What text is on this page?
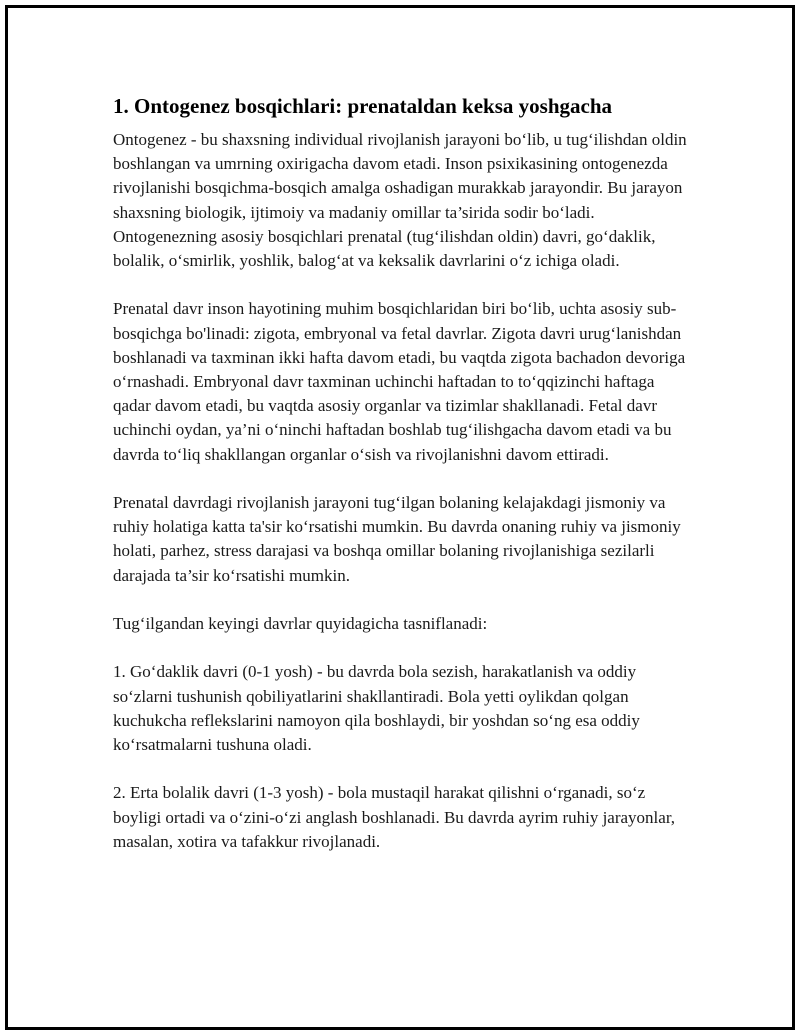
1. Ontogenez bosqichlari: prenataldan keksa yoshgacha

Ontogenez - bu shaxsning individual rivojlanish jarayoni bo‘lib, u tug‘ilishdan oldin boshlangan va umrning oxirigacha davom etadi. Inson psixikasining ontogenezda rivojlanishi bosqichma-bosqich amalga oshadigan murakkab jarayondir. Bu jarayon shaxsning biologik, ijtimoiy va madaniy omillar ta’sirida sodir bo‘ladi. Ontogenezning asosiy bosqichlari prenatal (tug‘ilishdan oldin) davri, go‘daklik, bolalik, o‘smirlik, yoshlik, balog‘at va keksalik davrlarini o‘z ichiga oladi.

Prenatal davr inson hayotining muhim bosqichlaridan biri bo‘lib, uchta asosiy sub-bosqichga bo'linadi: zigota, embryonal va fetal davrlar. Zigota davri urug‘lanishdan boshlanadi va taxminan ikki hafta davom etadi, bu vaqtda zigota bachadon devoriga o‘rnashadi. Embryonal davr taxminan uchinchi haftadan to to‘qqizinchi haftaga qadar davom etadi, bu vaqtda asosiy organlar va tizimlar shakllanadi. Fetal davr uchinchi oydan, ya’ni o‘ninchi haftadan boshlab tug‘ilishgacha davom etadi va bu davrda to‘liq shakllangan organlar o‘sish va rivojlanishni davom ettiradi.

Prenatal davrdagi rivojlanish jarayoni tug‘ilgan bolaning kelajakdagi jismoniy va ruhiy holatiga katta ta'sir ko‘rsatishi mumkin. Bu davrda onaning ruhiy va jismoniy holati, parhez, stress darajasi va boshqa omillar bolaning rivojlanishiga sezilarli darajada ta’sir ko‘rsatishi mumkin.

Tug‘ilgandan keyingi davrlar quyidagicha tasniflanadi:

1. Go‘daklik davri (0-1 yosh) - bu davrda bola sezish, harakatlanish va oddiy so‘zlarni tushunish qobiliyatlarini shakllantiradi. Bola yetti oylikdan qolgan kuchukcha reflekslarini namoyon qila boshlaydi, bir yoshdan so‘ng esa oddiy ko‘rsatmalarni tushuna oladi.

2. Erta bolalik davri (1-3 yosh) - bola mustaqil harakat qilishni o‘rganadi, so‘z boyligi ortadi va o‘zini-o‘zi anglash boshlanadi. Bu davrda ayrim ruhiy jarayonlar, masalan, xotira va tafakkur rivojlanadi.
